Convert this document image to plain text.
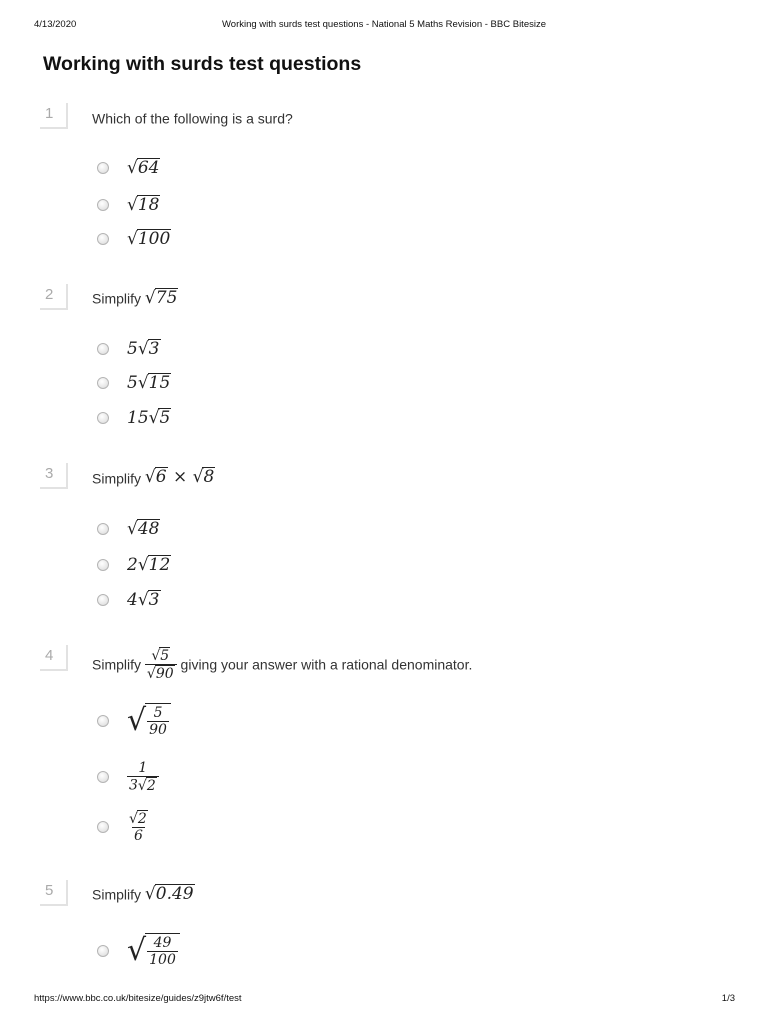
4/13/2020	Working with surds test questions - National 5 Maths Revision - BBC Bitesize
Working with surds test questions
1	Which of the following is a surd?
√64
√18
√100
2	Simplify √75
5√3
5√15
15√5
3	Simplify √6 × √8
√48
2√12
4√3
4
Simplify $\frac{√5}{√90}$ giving your answer with a rational denominator.
√ $\frac{5}{90}$
$\frac{1}{3√2}$
$\frac{√2}{6}$
5	Simplify √0.49
√ $\frac{49}{100}$
https://www.bbc.co.uk/bitesize/guides/z9jtw6f/test	1/3
